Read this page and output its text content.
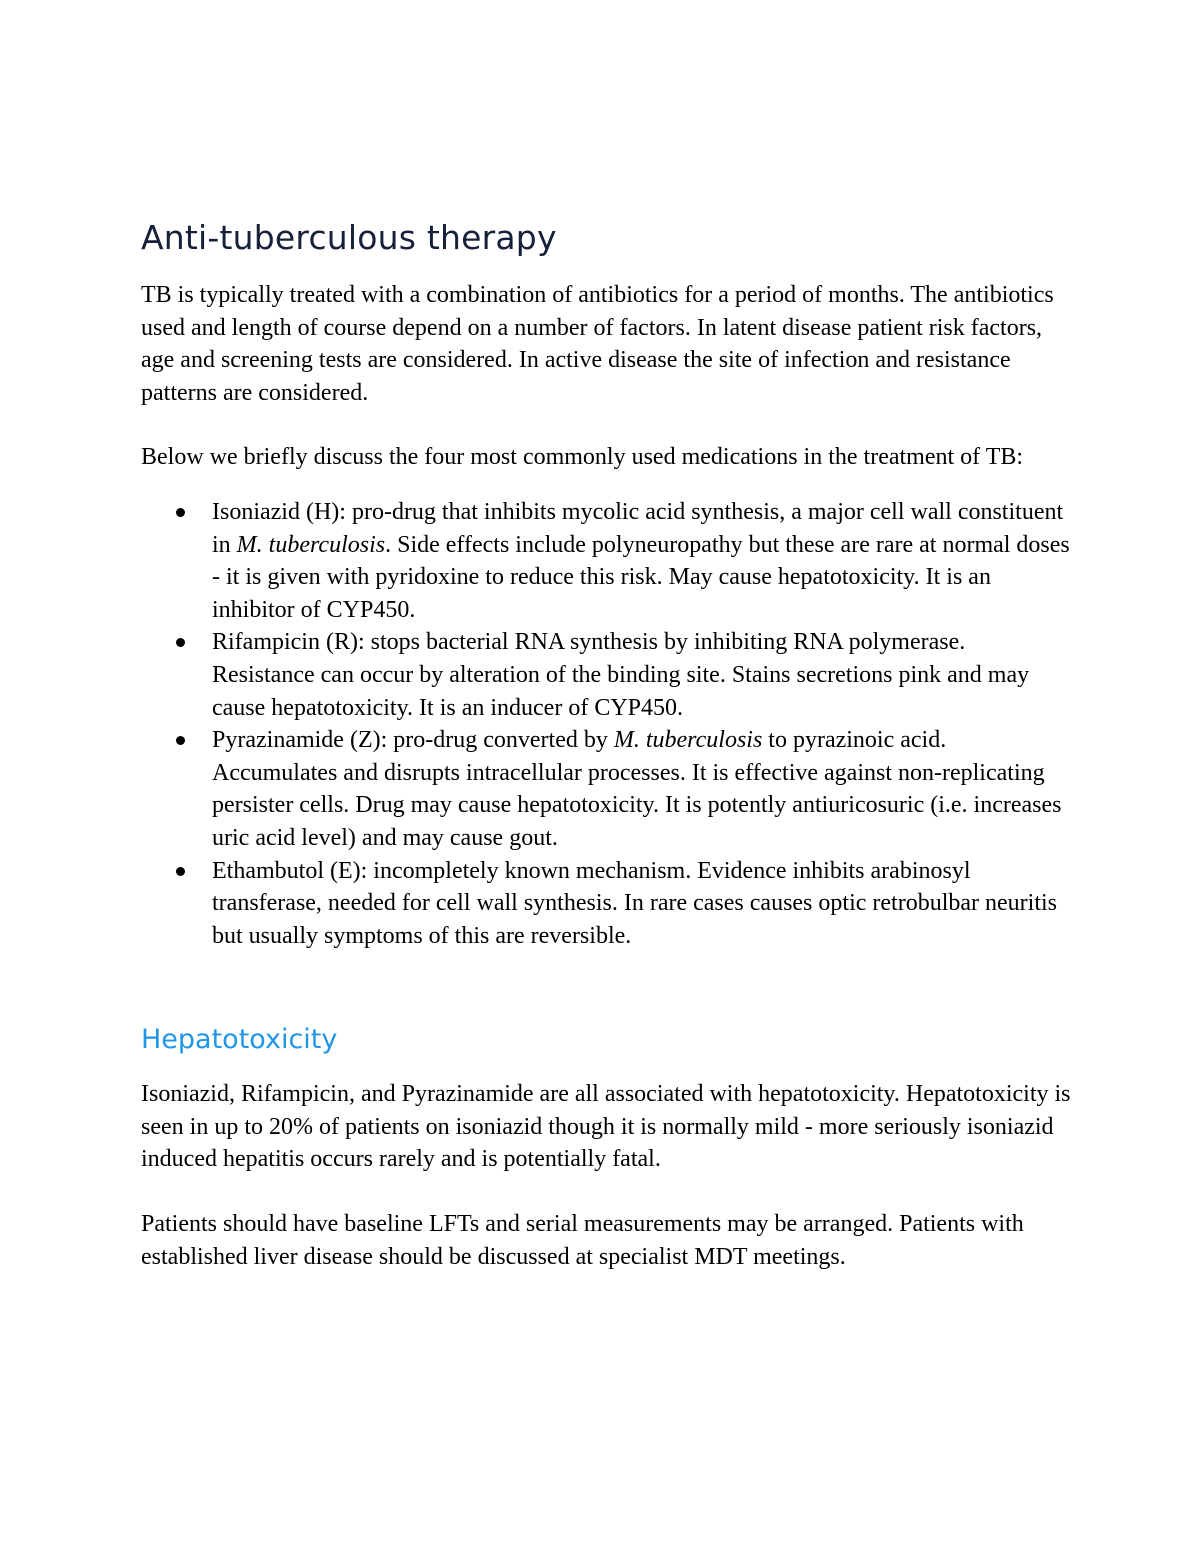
Anti-tuberculous therapy

TB is typically treated with a combination of antibiotics for a period of months. The antibiotics used and length of course depend on a number of factors. In latent disease patient risk factors, age and screening tests are considered. In active disease the site of infection and resistance patterns are considered.

Below we briefly discuss the four most commonly used medications in the treatment of TB:

Isoniazid (H): pro-drug that inhibits mycolic acid synthesis, a major cell wall constituent in M. tuberculosis. Side effects include polyneuropathy but these are rare at normal doses - it is given with pyridoxine to reduce this risk. May cause hepatotoxicity. It is an inhibitor of CYP450.
Rifampicin (R): stops bacterial RNA synthesis by inhibiting RNA polymerase. Resistance can occur by alteration of the binding site. Stains secretions pink and may cause hepatotoxicity. It is an inducer of CYP450.
Pyrazinamide (Z): pro-drug converted by M. tuberculosis to pyrazinoic acid. Accumulates and disrupts intracellular processes. It is effective against non-replicating persister cells. Drug may cause hepatotoxicity. It is potently antiuricosuric (i.e. increases uric acid level) and may cause gout.
Ethambutol (E): incompletely known mechanism. Evidence inhibits arabinosyl transferase, needed for cell wall synthesis. In rare cases causes optic retrobulbar neuritis but usually symptoms of this are reversible.
Hepatotoxicity

Isoniazid, Rifampicin, and Pyrazinamide are all associated with hepatotoxicity. Hepatotoxicity is seen in up to 20% of patients on isoniazid though it is normally mild - more seriously isoniazid induced hepatitis occurs rarely and is potentially fatal.

Patients should have baseline LFTs and serial measurements may be arranged. Patients with established liver disease should be discussed at specialist MDT meetings.
